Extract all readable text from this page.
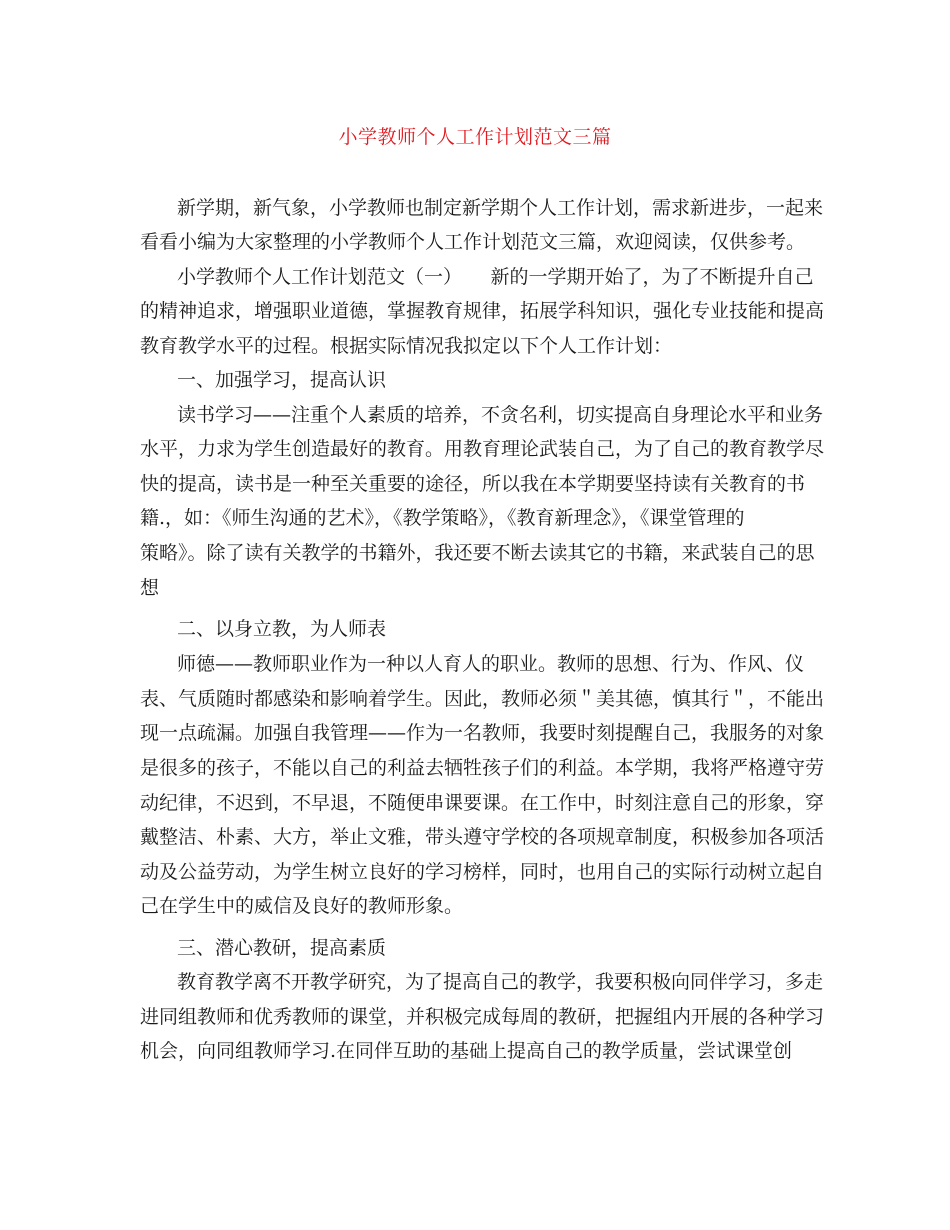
小学教师个人工作计划范文三篇

新学期，新气象，小学教师也制定新学期个人工作计划，需求新进步，一起来

看看小编为大家整理的小学教师个人工作计划范文三篇，欢迎阅读，仅供参考。

小学教师个人工作计划范文（一）　　新的一学期开始了，为了不断提升自己

的精神追求，增强职业道德，掌握教育规律，拓展学科知识，强化专业技能和提高

教育教学水平的过程。根据实际情况我拟定以下个人工作计划：

一、加强学习，提高认识

读书学习——注重个人素质的培养，不贪名利，切实提高自身理论水平和业务

水平，力求为学生创造最好的教育。用教育理论武装自己，为了自己的教育教学尽

快的提高，读书是一种至关重要的途径，所以我在本学期要坚持读有关教育的书

籍.，如：《师生沟通的艺术》，《教学策略》，《教育新理念》，《课堂管理的

策略》。除了读有关教学的书籍外，我还要不断去读其它的书籍，来武装自己的思

想

二、以身立教，为人师表

师德——教师职业作为一种以人育人的职业。教师的思想、行为、作风、仪

表、气质随时都感染和影响着学生。因此，教师必须＂美其德，慎其行＂，不能出

现一点疏漏。加强自我管理——作为一名教师，我要时刻提醒自己，我服务的对象

是很多的孩子，不能以自己的利益去牺牲孩子们的利益。本学期，我将严格遵守劳

动纪律，不迟到，不早退，不随便串课要课。在工作中，时刻注意自己的形象，穿

戴整洁、朴素、大方，举止文雅，带头遵守学校的各项规章制度，积极参加各项活

动及公益劳动，为学生树立良好的学习榜样，同时，也用自己的实际行动树立起自

己在学生中的威信及良好的教师形象。

三、潜心教研，提高素质

教育教学离不开教学研究，为了提高自己的教学，我要积极向同伴学习，多走

进同组教师和优秀教师的课堂，并积极完成每周的教研，把握组内开展的各种学习

机会，向同组教师学习.在同伴互助的基础上提高自己的教学质量，尝试课堂创
